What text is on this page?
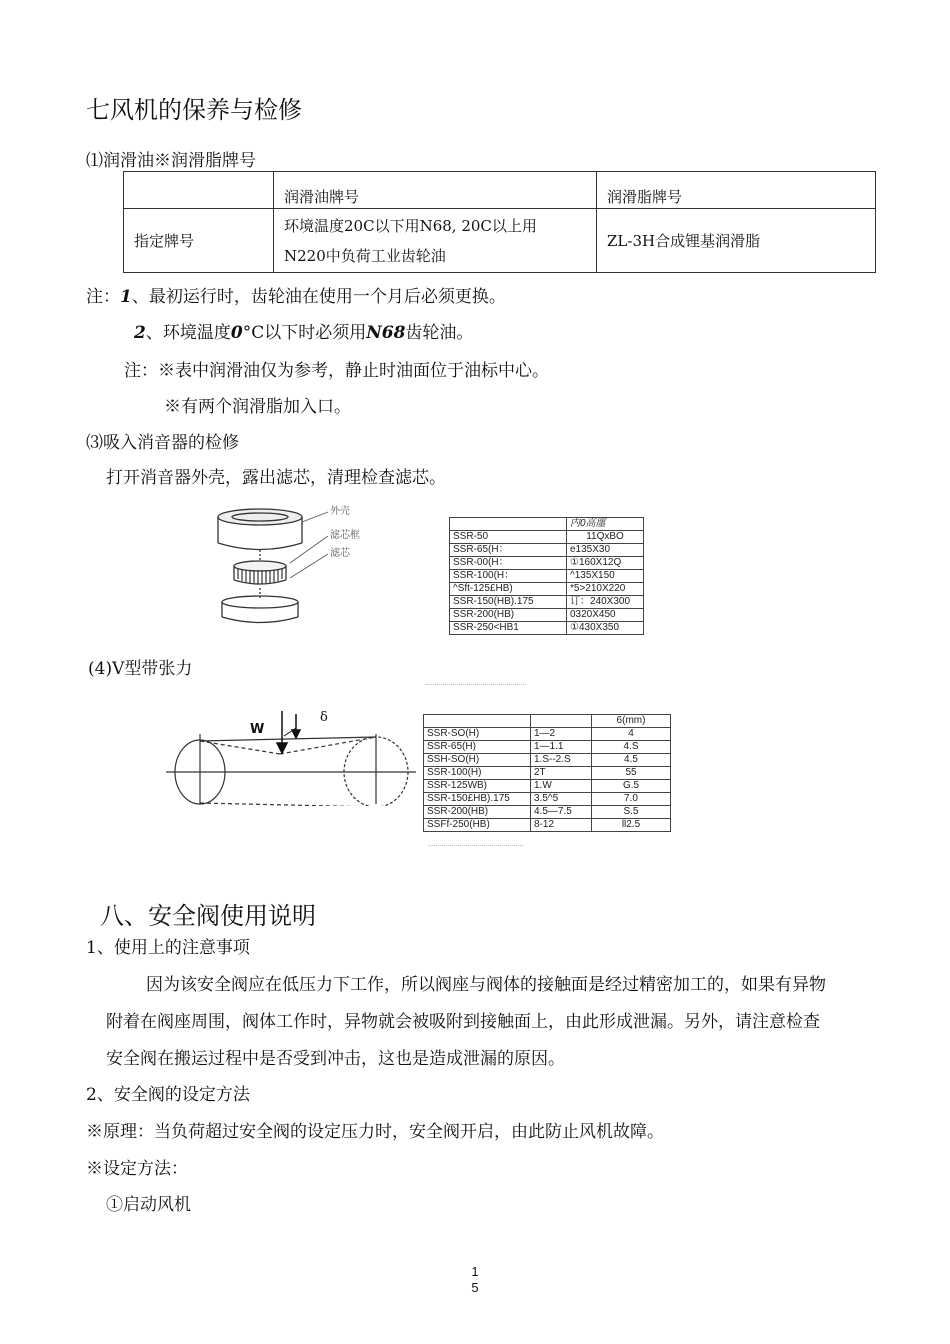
七风机的保养与检修
⑴润滑油※润滑脂牌号
	润滑油牌号	润滑脂牌号
指定牌号	环境温度20C以下用N68, 20C以上用
N220中负荷工业齿轮油	ZL-3H合成锂基润滑脂
注：1、最初运行时，齿轮油在使用一个月后必须更换。
2、环境温度0°C以下时必须用N68齿轮油。
注：※表中润滑油仅为参考，静止时油面位于油标中心。
※有两个润滑脂加入口。
⑶吸入消音器的检修
打开消音器外壳，露出滤芯，清理检查滤芯。
外壳
滤芯框
滤芯
	内0高廛
SSR-50	11QxBO
SSR-65(H：	e135X30
SSR-00(H：	①160X12Q
SSR-100(H：	^135X150
^Sft-125£HB)	*5>210X220
SSR-150(HB).175	订：240X300
SSR-200(HB)	0320X450
SSR-250<HB1	①430X350
(4)V型带张力
W
δ
			6(mm)
SSR-SO(H)	1—2	4
SSR-65(H)	1—1.1	4.S
SSH-SO(H)	1.S--2.S	4.5
SSR-100(H)	2T	55
SSR-125WB)	1.W	G.5
SSR-150£HB).175	3.5^5	7.0
SSR-200(HB)	4.5—7.5	S.5
SSFf-250(HB)	8-12	ll2.5
八、安全阀使用说明
1、使用上的注意事项
因为该安全阀应在低压力下工作，所以阀座与阀体的接触面是经过精密加工的，如果有异物
附着在阀座周围，阀体工作时，异物就会被吸附到接触面上，由此形成泄漏。另外，请注意检查
安全阀在搬运过程中是否受到冲击，这也是造成泄漏的原因。
2、安全阀的设定方法
※原理：当负荷超过安全阀的设定压力时，安全阀开启，由此防止风机故障。
※设定方法：
①启动风机
1
5
